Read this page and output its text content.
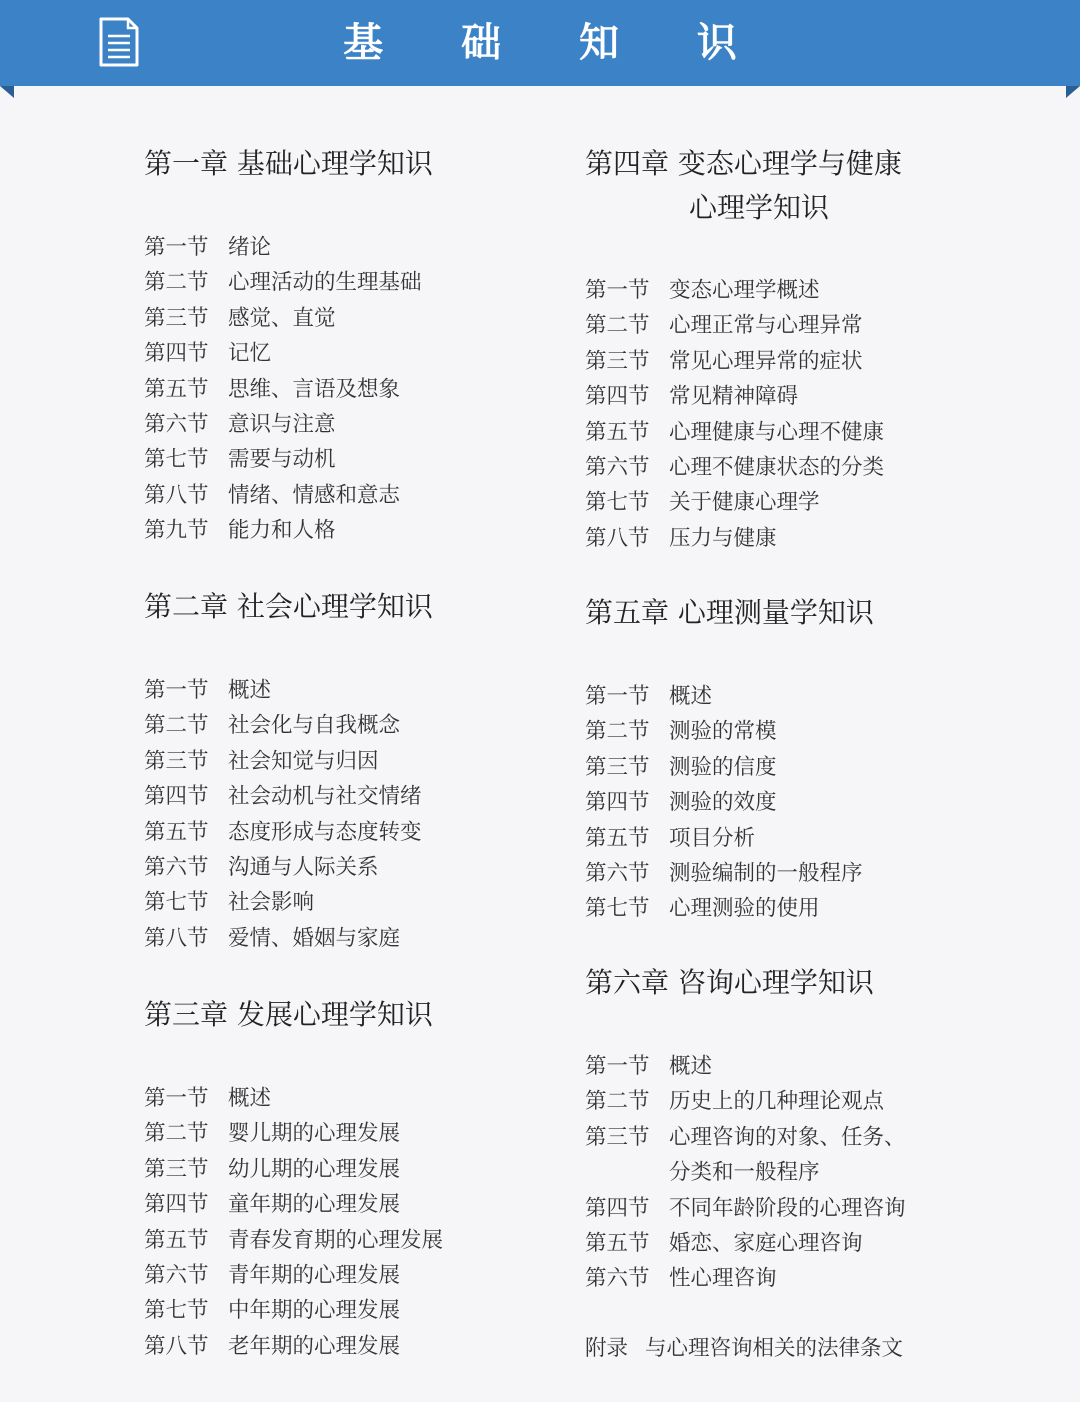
基 础 知 识
第一章 基础心理学知识
第一节 绪论
第二节 心理活动的生理基础
第三节 感觉、直觉
第四节 记忆
第五节 思维、言语及想象
第六节 意识与注意
第七节 需要与动机
第八节 情绪、情感和意志
第九节 能力和人格
第二章 社会心理学知识
第一节 概述
第二节 社会化与自我概念
第三节 社会知觉与归因
第四节 社会动机与社交情绪
第五节 态度形成与态度转变
第六节 沟通与人际关系
第七节 社会影响
第八节 爱情、婚姻与家庭
第三章 发展心理学知识
第一节 概述
第二节 婴儿期的心理发展
第三节 幼儿期的心理发展
第四节 童年期的心理发展
第五节 青春发育期的心理发展
第六节 青年期的心理发展
第七节 中年期的心理发展
第八节 老年期的心理发展
第四章 变态心理学与健康
心理学知识
第一节 变态心理学概述
第二节 心理正常与心理异常
第三节 常见心理异常的症状
第四节 常见精神障碍
第五节 心理健康与心理不健康
第六节 心理不健康状态的分类
第七节 关于健康心理学
第八节 压力与健康
第五章 心理测量学知识
第一节 概述
第二节 测验的常模
第三节 测验的信度
第四节 测验的效度
第五节 项目分析
第六节 测验编制的一般程序
第七节 心理测验的使用
第六章 咨询心理学知识
第一节 概述
第二节 历史上的几种理论观点
第三节 心理咨询的对象、任务、
分类和一般程序
第四节 不同年龄阶段的心理咨询
第五节 婚恋、家庭心理咨询
第六节 性心理咨询
附录 与心理咨询相关的法律条文
